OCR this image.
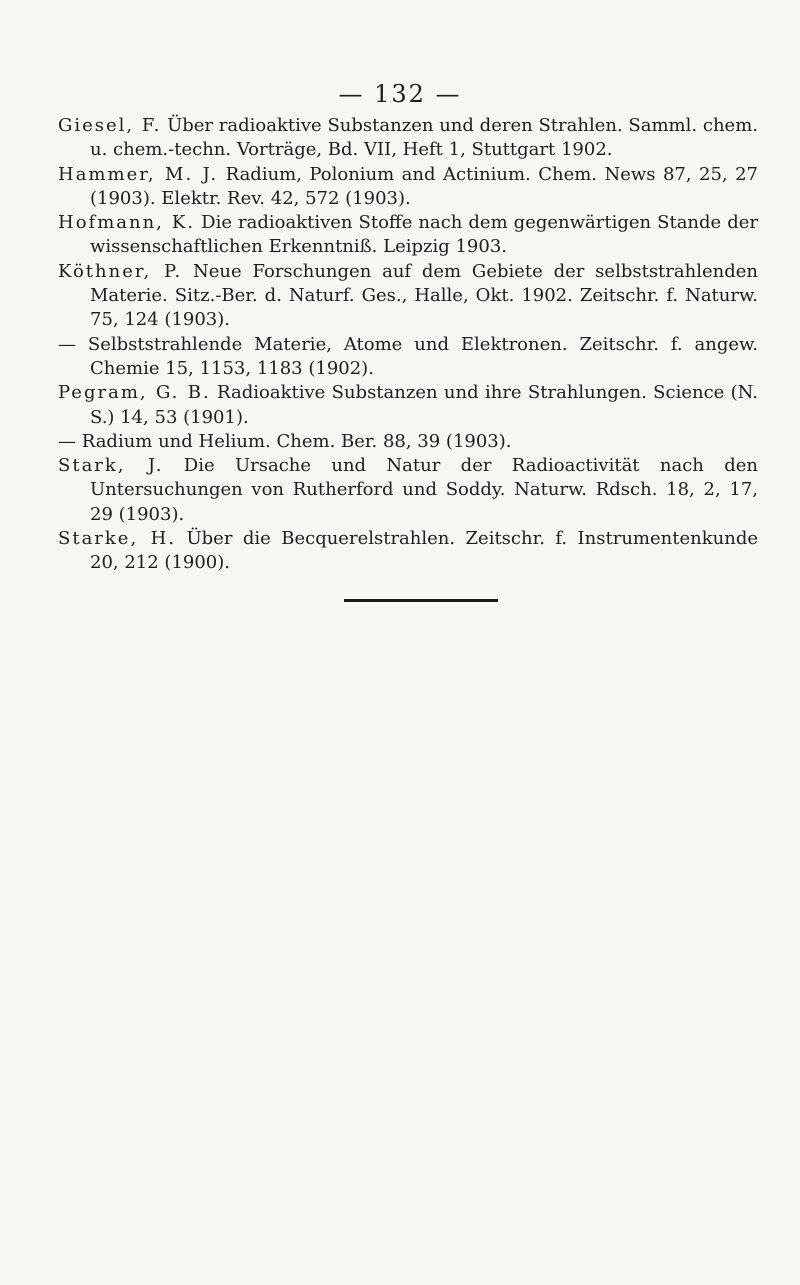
— 132 —

Giesel, F. Über radioaktive Substanzen und deren Strahlen. Samml. chem. u. chem.-techn. Vorträge, Bd. VII, Heft 1, Stuttgart 1902.

Hammer, M. J. Radium, Polonium and Actinium. Chem. News 87, 25, 27 (1903). Elektr. Rev. 42, 572 (1903).

Hofmann, K. Die radioaktiven Stoffe nach dem gegenwärtigen Stande der wissenschaftlichen Erkenntniß. Leipzig 1903.

Köthner, P. Neue Forschungen auf dem Gebiete der selbststrahlenden Materie. Sitz.-Ber. d. Naturf. Ges., Halle, Okt. 1902. Zeitschr. f. Naturw. 75, 124 (1903).

— Selbststrahlende Materie, Atome und Elektronen. Zeitschr. f. angew. Chemie 15, 1153, 1183 (1902).

Pegram, G. B. Radioaktive Substanzen und ihre Strahlungen. Science (N. S.) 14, 53 (1901).

— Radium und Helium. Chem. Ber. 88, 39 (1903).

Stark, J. Die Ursache und Natur der Radioactivität nach den Untersuchungen von Rutherford und Soddy. Naturw. Rdsch. 18, 2, 17, 29 (1903).

Starke, H. Über die Becquerelstrahlen. Zeitschr. f. Instrumentenkunde 20, 212 (1900).
